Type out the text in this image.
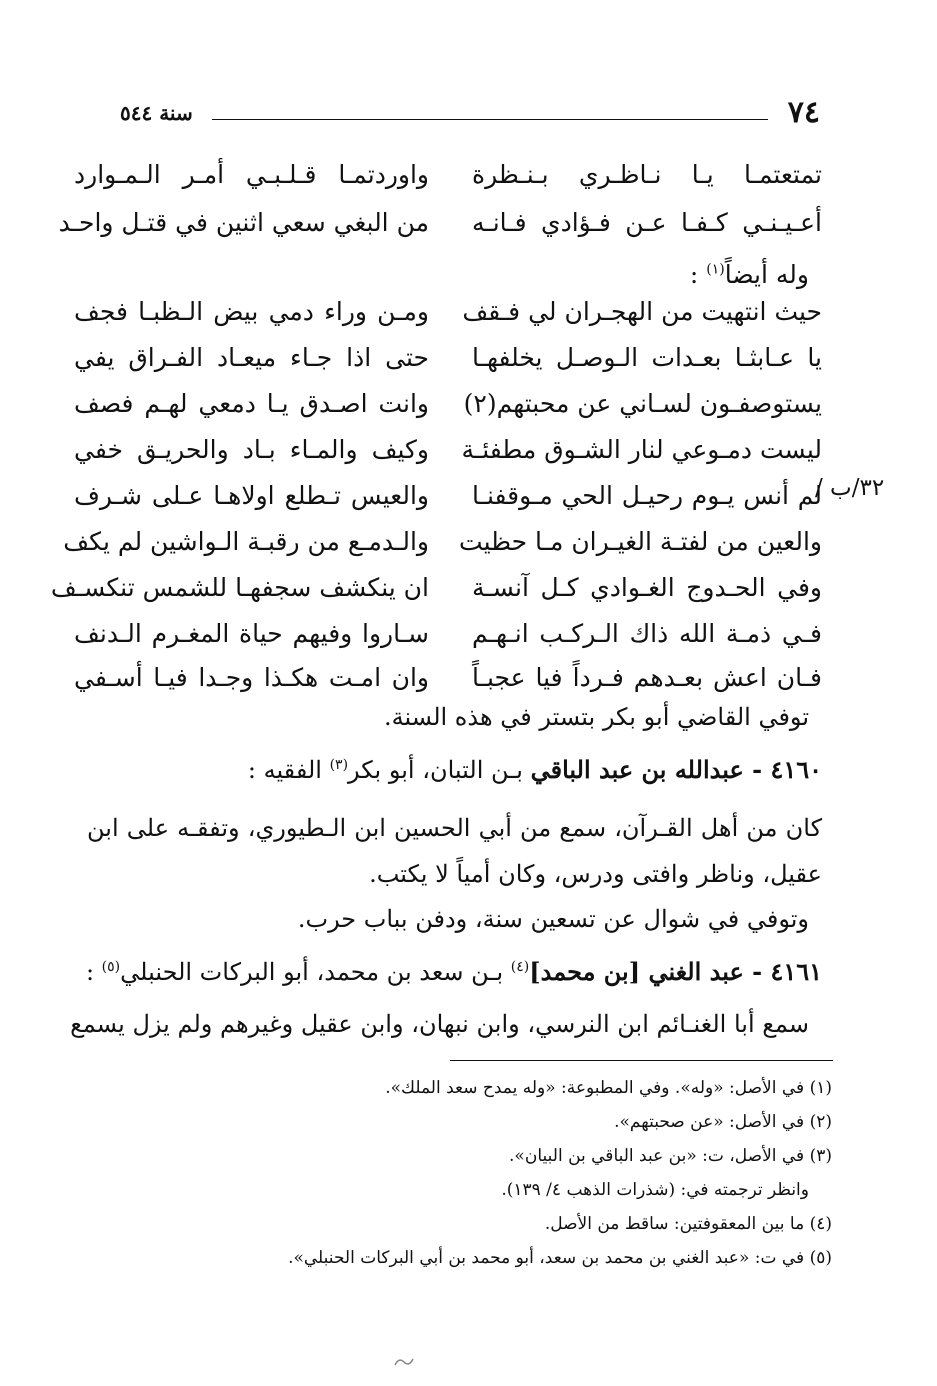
٧٤
سنة ٥٤٤
تمتعتمـا يـا نـاظـري بـنـظرة
واوردتمـا قـلـبـي أمـر الـمـوارد
أعـيـنـي كـفـا عـن فـؤادي فـانـه
من البغي سعي اثنين في قتـل واحـد
وله أيضاً$^{(١)}$ :
حيث انتهيت من الهجـران لي فـقف
ومـن وراء دمي بيض الـظبـا فجف
يا عـابثـا بعـدات الـوصـل يخلفهـا
حتى اذا جـاء ميعـاد الفـراق يفي
يستوصفـون لسـاني عن محبتهم(٢)
وانت اصـدق يـا دمعي لهـم فصف
ليست دمـوعي لنار الشـوق مطفئـة
وكيف والمـاء بـاد والحريـق خفي
لم أنس يـوم رحيـل الحي مـوقفنـا
والعيس تـطلع اولاهـا عـلى شـرف
والعين من لفتـة الغيـران مـا حظيت
والـدمـع من رقبـة الـواشين لم يكف
وفي الحـدوج الغـوادي كـل آنسـة
ان ينكشف سجفهـا للشمس تنكسـف
فـي ذمـة الله ذاك الـركـب انـهـم
سـاروا وفيهم حياة المغـرم الـدنف
فـان اعش بعـدهم فـرداً فيا عجبـاً
وان امـت هكـذا وجـدا فيـا أسـفي
٣٢/ب /
توفي القاضي أبو بكر بتستر في هذه السنة.
٤١٦٠ - عبدالله بن عبد الباقي بـن التبان، أبو بكر$^{(٣)}$ الفقيه :
كان من أهل القـرآن، سمع من أبي الحسين ابن الـطيوري، وتفقـه على ابن عقيل، وناظر وافتى ودرس، وكان أمياً لا يكتب.
وتوفي في شوال عن تسعين سنة، ودفن بباب حرب.
٤١٦١ - عبد الغني [بن محمد]$^{(٤)}$ بـن سعد بن محمد، أبو البركات الحنبلي$^{(٥)}$ :
سمع أبا الغنـائم ابن النرسي، وابن نبهان، وابن عقيل وغيرهم ولم يزل يسمع
(١) في الأصل: «وله». وفي المطبوعة: «وله يمدح سعد الملك».
(٢) في الأصل: «عن صحبتهم».
(٣) في الأصل، ت: «بن عبد الباقي بن البيان».
وانظر ترجمته في: (شذرات الذهب ٤/ ١٣٩).
(٤) ما بين المعقوفتين: ساقط من الأصل.
(٥) في ت: «عبد الغني بن محمد بن سعد، أبو محمد بن أبي البركات الحنبلي».
